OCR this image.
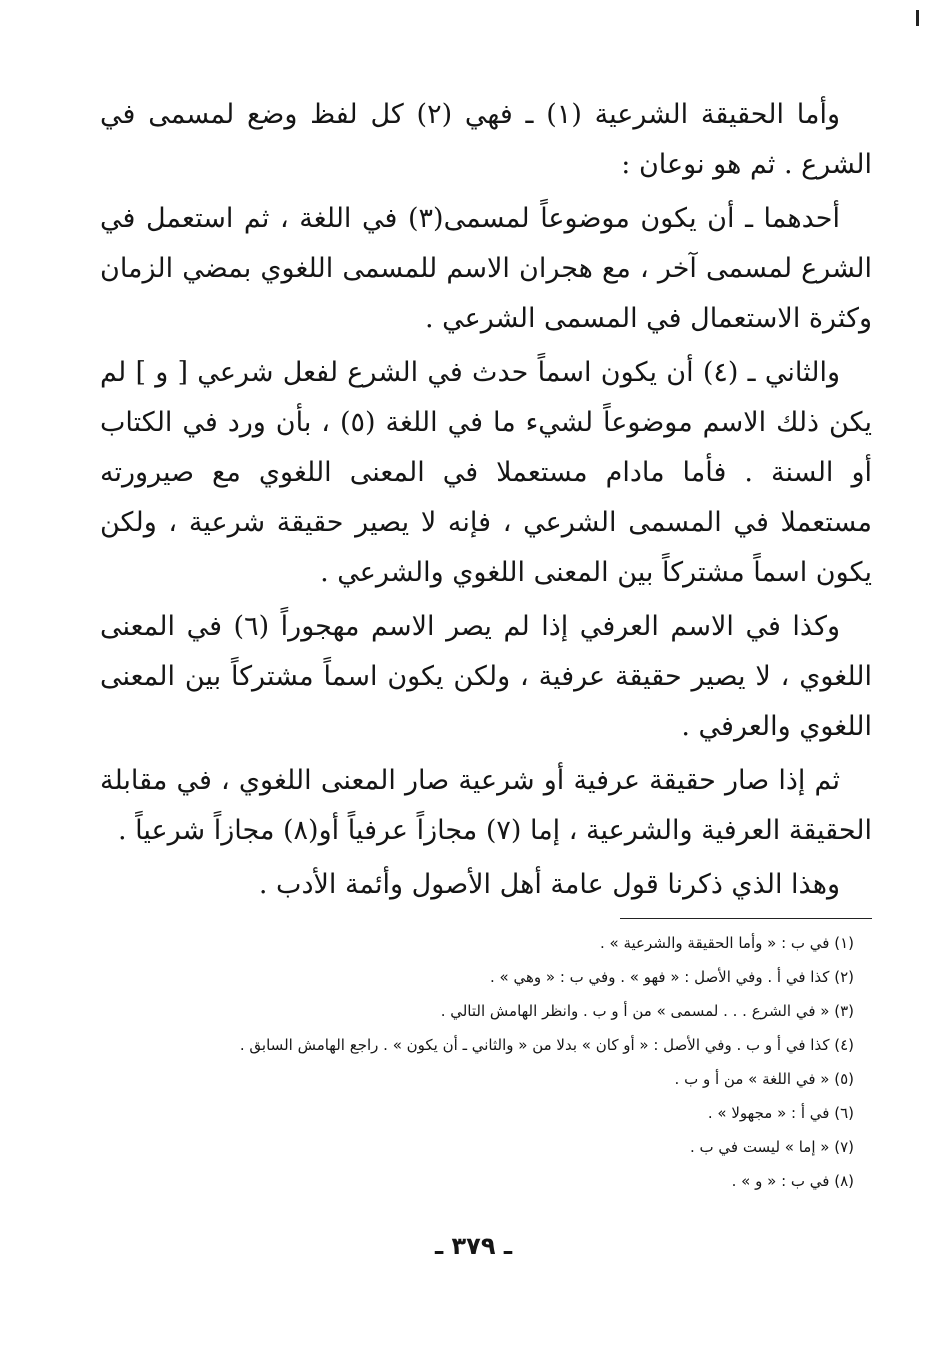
وأما الحقيقة الشرعية (١) ـ فهي (٢) كل لفظ وضع لمسمى في الشرع . ثم هو نوعان :

أحدهما ـ أن يكون موضوعاً لمسمى(٣) في اللغة ، ثم استعمل في الشرع لمسمى آخر ، مع هجران الاسم للمسمى اللغوي بمضي الزمان وكثرة الاستعمال في المسمى الشرعي .

والثاني ـ (٤) أن يكون اسماً حدث في الشرع لفعل شرعي [ و ] لم يكن ذلك الاسم موضوعاً لشيء ما في اللغة (٥) ، بأن ورد في الكتاب أو السنة . فأما مادام مستعملا في المعنى اللغوي مع صيرورته مستعملا في المسمى الشرعي ، فإنه لا يصير حقيقة شرعية ، ولكن يكون اسماً مشتركاً بين المعنى اللغوي والشرعي .

وكذا في الاسم العرفي إذا لم يصر الاسم مهجوراً (٦) في المعنى اللغوي ، لا يصير حقيقة عرفية ، ولكن يكون اسماً مشتركاً بين المعنى اللغوي والعرفي .

ثم إذا صار حقيقة عرفية أو شرعية صار المعنى اللغوي ، في مقابلة الحقيقة العرفية والشرعية ، إما (٧) مجازاً عرفياً أو(٨) مجازاً شرعياً .

وهذا الذي ذكرنا قول عامة أهل الأصول وأئمة الأدب .

(١) في ب : « وأما الحقيقة والشرعية » .
(٢) كذا في أ . وفي الأصل : « فهو » . وفي ب : « وهي » .
(٣) « في الشرع . . . لمسمى » من أ و ب . وانظر الهامش التالي .
(٤) كذا في أ و ب . وفي الأصل : « أو كان » بدلا من « والثاني ـ أن يكون » . راجع الهامش السابق .
(٥) « في اللغة » من أ و ب .
(٦) في أ : « مجهولا » .
(٧) « إما » ليست في ب .
(٨) في ب : « و » .
ـ ٣٧٩ ـ
